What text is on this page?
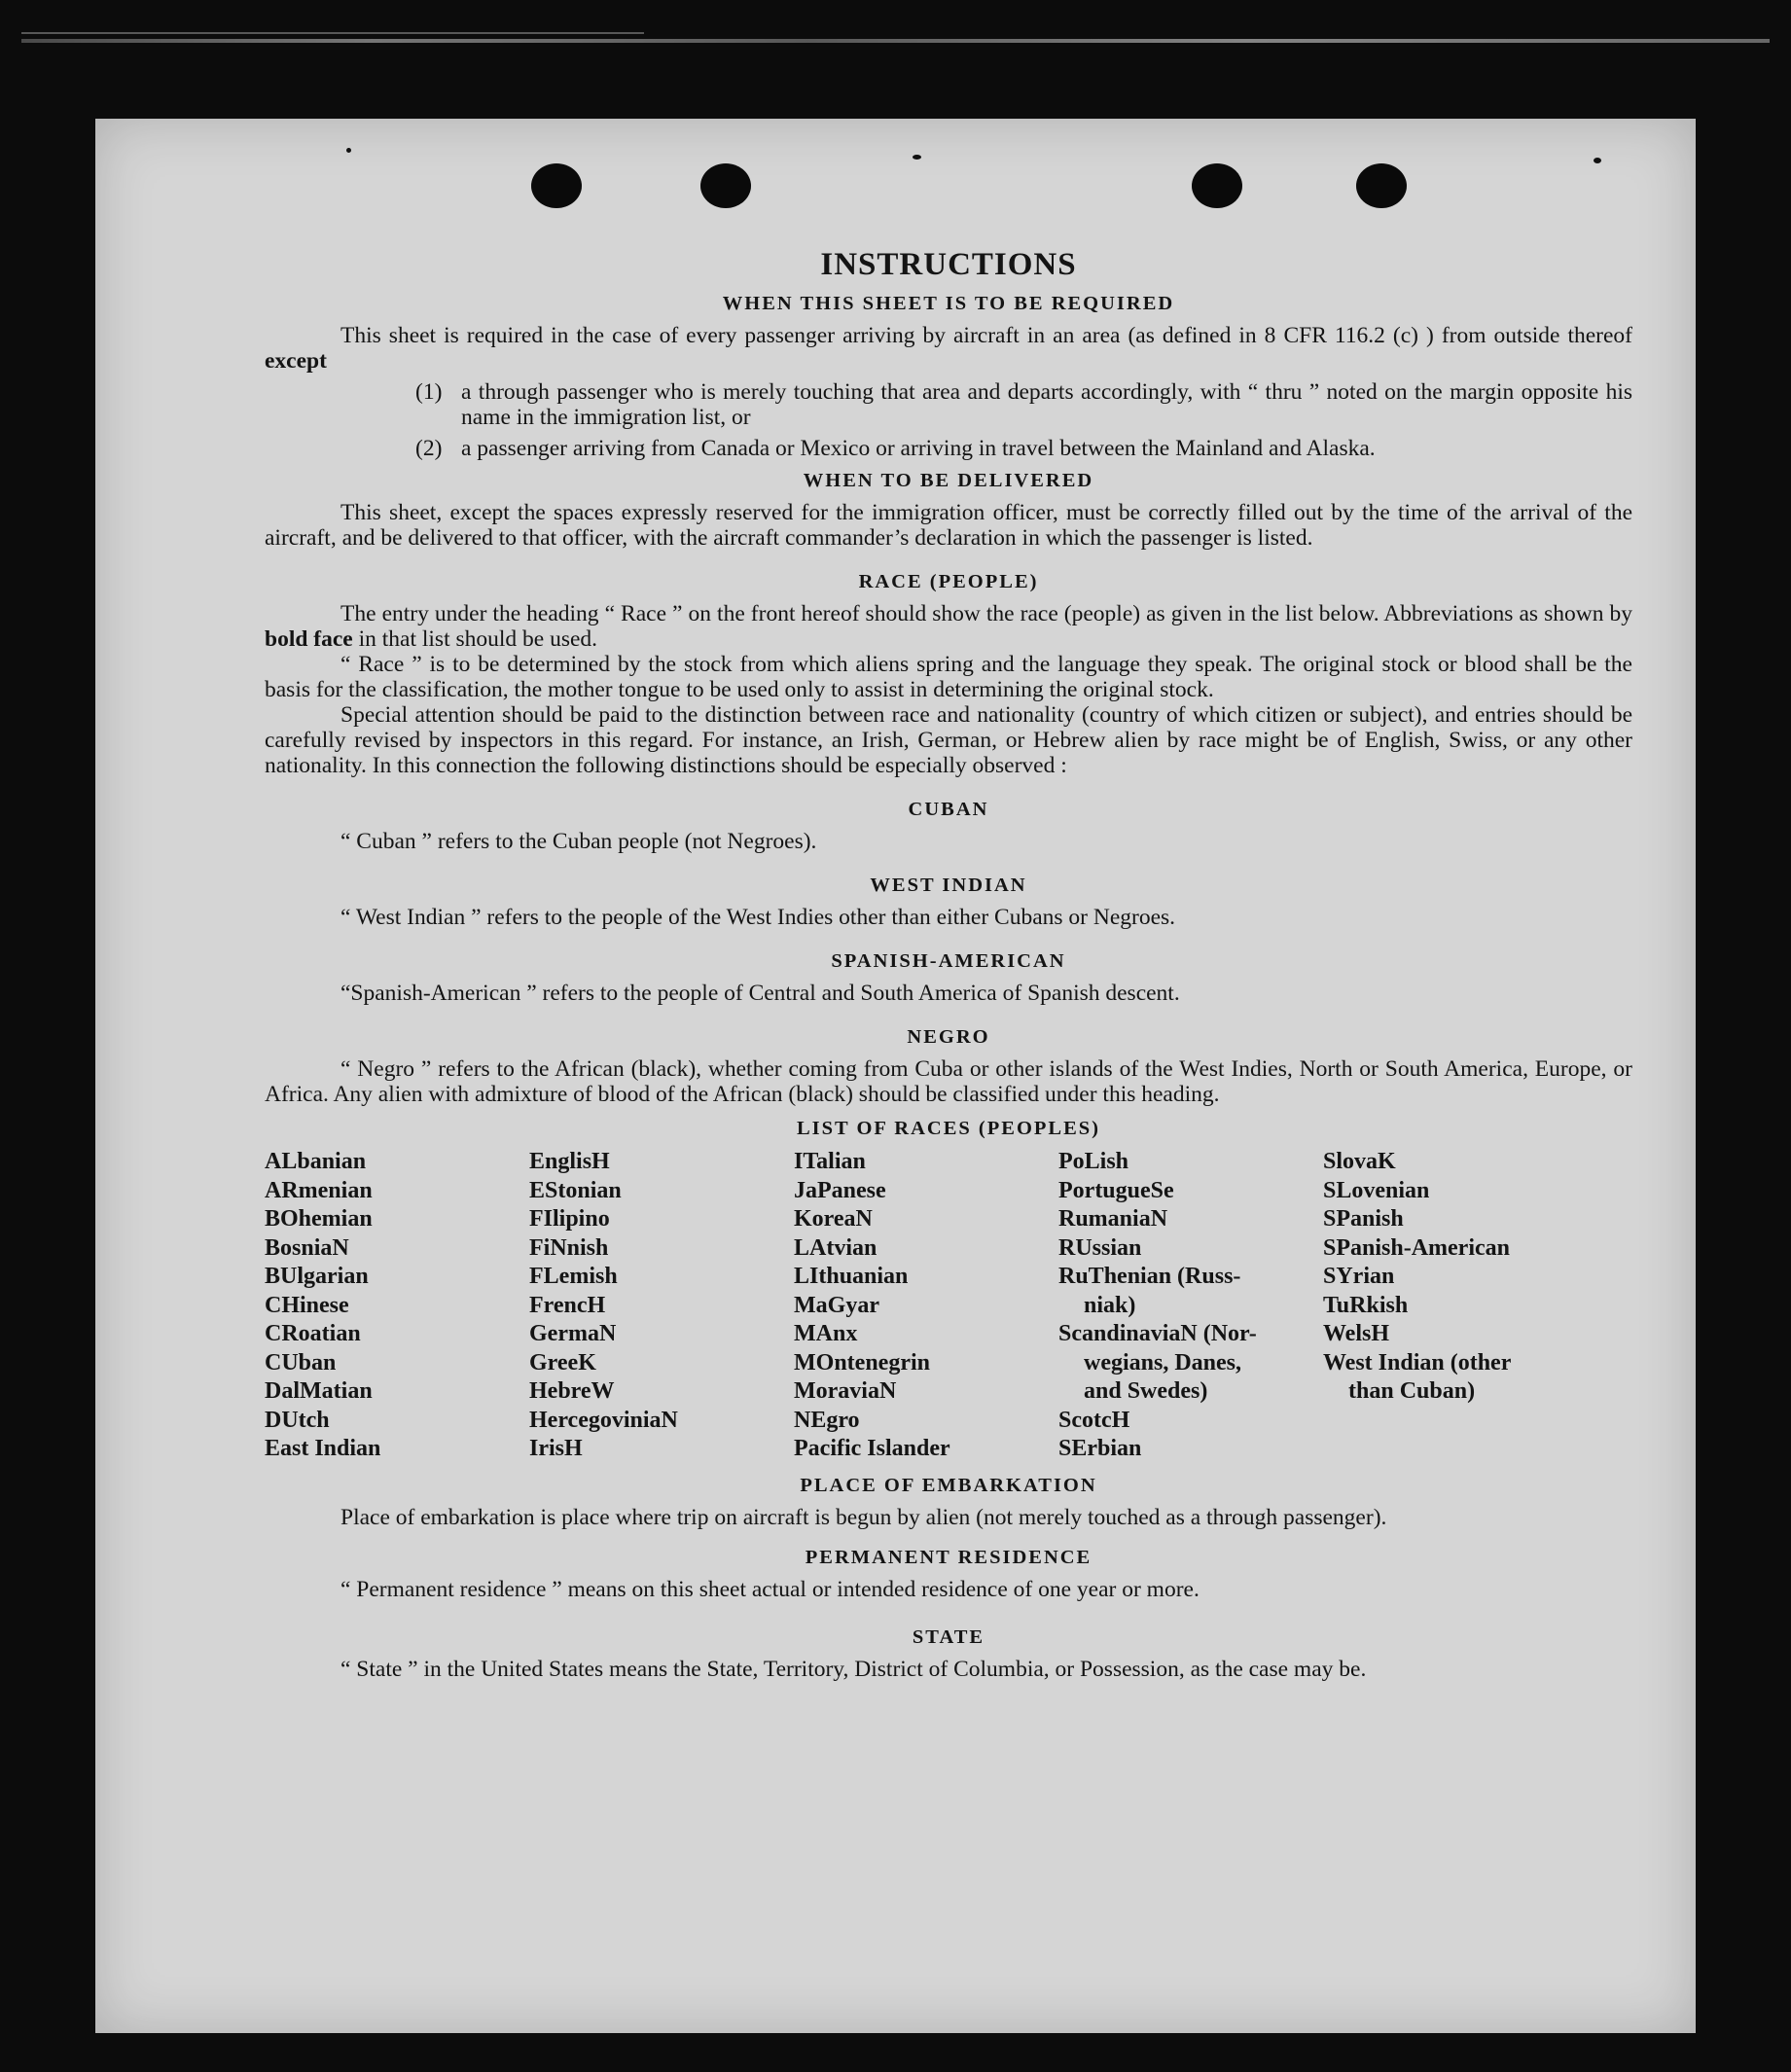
INSTRUCTIONS
WHEN THIS SHEET IS TO BE REQUIRED

This sheet is required in the case of every passenger arriving by aircraft in an area (as defined in 8 CFR 116.2 (c) ) from outside thereof except

(1) a through passenger who is merely touching that area and departs accordingly, with “ thru ” noted on the margin opposite his name in the immigration list, or

(2) a passenger arriving from Canada or Mexico or arriving in travel between the Mainland and Alaska.

WHEN TO BE DELIVERED

This sheet, except the spaces expressly reserved for the immigration officer, must be correctly filled out by the time of the arrival of the aircraft, and be delivered to that officer, with the aircraft commander’s declaration in which the passenger is listed.

RACE (PEOPLE)

The entry under the heading “ Race ” on the front hereof should show the race (people) as given in the list below. Abbreviations as shown by bold face in that list should be used.

“ Race ” is to be determined by the stock from which aliens spring and the language they speak. The original stock or blood shall be the basis for the classification, the mother tongue to be used only to assist in determining the original stock.

Special attention should be paid to the distinction between race and nationality (country of which citizen or subject), and entries should be carefully revised by inspectors in this regard. For instance, an Irish, German, or Hebrew alien by race might be of English, Swiss, or any other nationality. In this connection the following distinctions should be especially observed :

CUBAN

“ Cuban ” refers to the Cuban people (not Negroes).

WEST INDIAN

“ West Indian ” refers to the people of the West Indies other than either Cubans or Negroes.

SPANISH-AMERICAN

“Spanish-American ” refers to the people of Central and South America of Spanish descent.

NEGRO

“ Negro ” refers to the African (black), whether coming from Cuba or other islands of the West Indies, North or South America, Europe, or Africa. Any alien with admixture of blood of the African (black) should be classified under this heading.

LIST OF RACES (PEOPLES)
ALbanian
ARmenian
BOhemian
BosniaN
BUlgarian
CHinese
CRoatian
CUban
DalMatian
DUtch
East Indian
EnglisH
EStonian
FIlipino
FiNnish
FLemish
FrencH
GermaN
GreeK
HebreW
HercegoviniaN
IrisH
ITalian
JaPanese
KoreaN
LAtvian
LIthuanian
MaGyar
MAnx
MOntenegrin
MoraviaN
NEgro
Pacific Islander
PoLish
PortugueSe
RumaniaN
RUssian
RuThenian (Russ-
niak)
ScandinaviaN (Nor-
wegians, Danes,
and Swedes)
ScotcH
SErbian
SlovaK
SLovenian
SPanish
SPanish-American
SYrian
TuRkish
WelsH
West Indian (other
than Cuban)
PLACE OF EMBARKATION

Place of embarkation is place where trip on aircraft is begun by alien (not merely touched as a through passenger).

PERMANENT RESIDENCE

“ Permanent residence ” means on this sheet actual or intended residence of one year or more.

STATE

“ State ” in the United States means the State, Territory, District of Columbia, or Possession, as the case may be.
